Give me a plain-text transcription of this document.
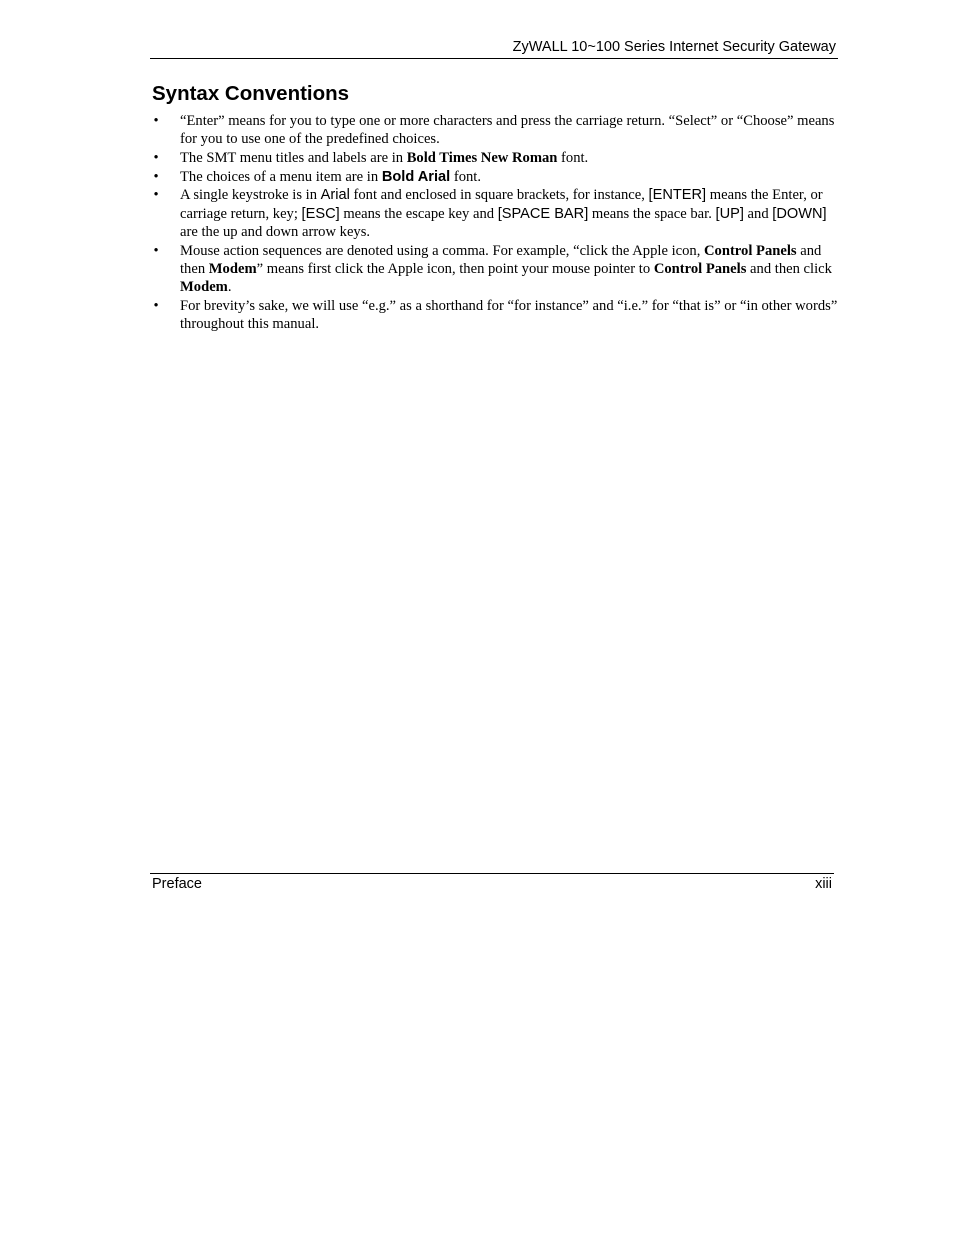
ZyWALL 10~100 Series Internet Security Gateway
Syntax Conventions
• “Enter” means for you to type one or more characters and press the carriage return. “Select” or “Choose” means for you to use one of the predefined choices.
• The SMT menu titles and labels are in Bold Times New Roman font.
• The choices of a menu item are in Bold Arial font.
• A single keystroke is in Arial font and enclosed in square brackets, for instance, [ENTER] means the Enter, or carriage return, key; [ESC] means the escape key and [SPACE BAR] means the space bar. [UP] and [DOWN] are the up and down arrow keys.
• Mouse action sequences are denoted using a comma. For example, “click the Apple icon, Control Panels and then Modem” means first click the Apple icon, then point your mouse pointer to Control Panels and then click Modem.
• For brevity’s sake, we will use “e.g.” as a shorthand for “for instance” and “i.e.” for “that is” or “in other words” throughout this manual.
Preface	xiii
